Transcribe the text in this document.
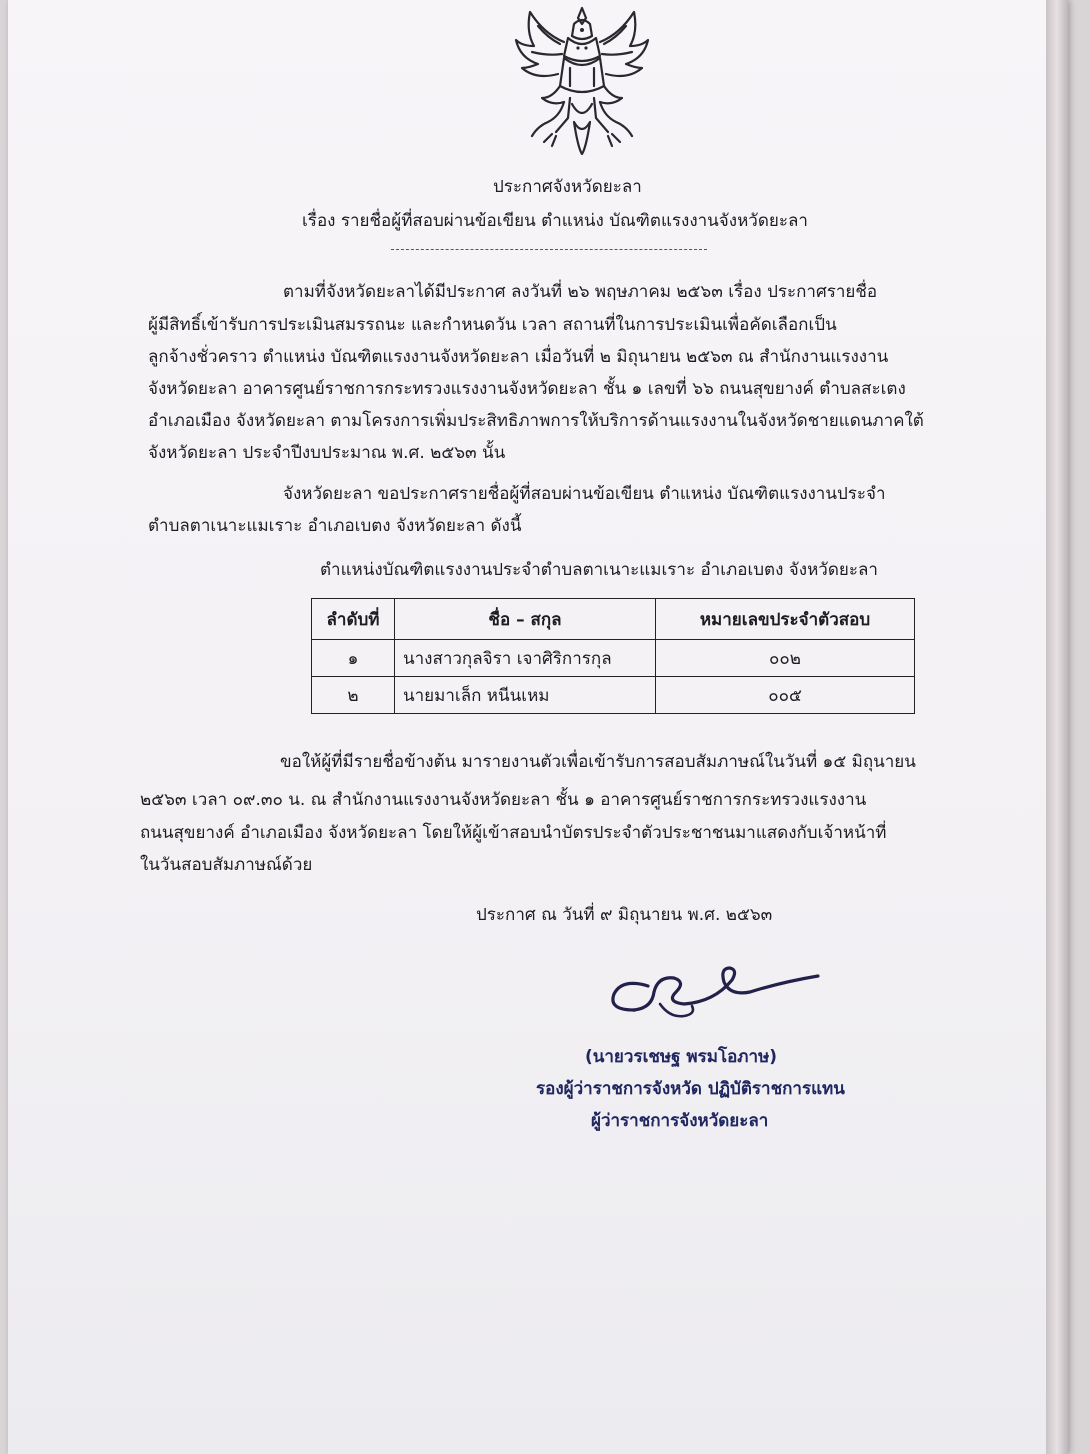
ประกาศจังหวัดยะลา
เรื่อง รายชื่อผู้ที่สอบผ่านข้อเขียน ตำแหน่ง บัณฑิตแรงงานจังหวัดยะลา
ตามที่จังหวัดยะลาได้มีประกาศ ลงวันที่ ๒๖ พฤษภาคม ๒๕๖๓ เรื่อง ประกาศรายชื่อ
ผู้มีสิทธิ์เข้ารับการประเมินสมรรถนะ และกำหนดวัน เวลา สถานที่ในการประเมินเพื่อคัดเลือกเป็น
ลูกจ้างชั่วคราว ตำแหน่ง บัณฑิตแรงงานจังหวัดยะลา เมื่อวันที่ ๒ มิถุนายน ๒๕๖๓ ณ สำนักงานแรงงาน
จังหวัดยะลา อาคารศูนย์ราชการกระทรวงแรงงานจังหวัดยะลา ชั้น ๑ เลขที่ ๖๖ ถนนสุขยางค์ ตำบลสะเตง
อำเภอเมือง จังหวัดยะลา ตามโครงการเพิ่มประสิทธิภาพการให้บริการด้านแรงงานในจังหวัดชายแดนภาคใต้
จังหวัดยะลา ประจำปีงบประมาณ พ.ศ. ๒๕๖๓ นั้น
จังหวัดยะลา ขอประกาศรายชื่อผู้ที่สอบผ่านข้อเขียน ตำแหน่ง บัณฑิตแรงงานประจำ
ตำบลตาเนาะแมเราะ อำเภอเบตง จังหวัดยะลา ดังนี้
ตำแหน่งบัณฑิตแรงงานประจำตำบลตาเนาะแมเราะ อำเภอเบตง จังหวัดยะลา
ลำดับที่	ชื่อ – สกุล	หมายเลขประจำตัวสอบ
๑	นางสาวกุลจิรา เจาศิริการกุล	๐๐๒
๒	นายมาเล็ก หนีนเหม	๐๐๕
ขอให้ผู้ที่มีรายชื่อข้างต้น มารายงานตัวเพื่อเข้ารับการสอบสัมภาษณ์ในวันที่ ๑๕ มิถุนายน
๒๕๖๓ เวลา ๐๙.๓๐ น. ณ สำนักงานแรงงานจังหวัดยะลา ชั้น ๑ อาคารศูนย์ราชการกระทรวงแรงงาน
ถนนสุขยางค์ อำเภอเมือง จังหวัดยะลา โดยให้ผู้เข้าสอบนำบัตรประจำตัวประชาชนมาแสดงกับเจ้าหน้าที่
ในวันสอบสัมภาษณ์ด้วย
ประกาศ ณ วันที่ ๙ มิถุนายน พ.ศ. ๒๕๖๓
(นายวรเชษฐ พรมโอภาษ)
รองผู้ว่าราชการจังหวัด ปฏิบัติราชการแทน
ผู้ว่าราชการจังหวัดยะลา
